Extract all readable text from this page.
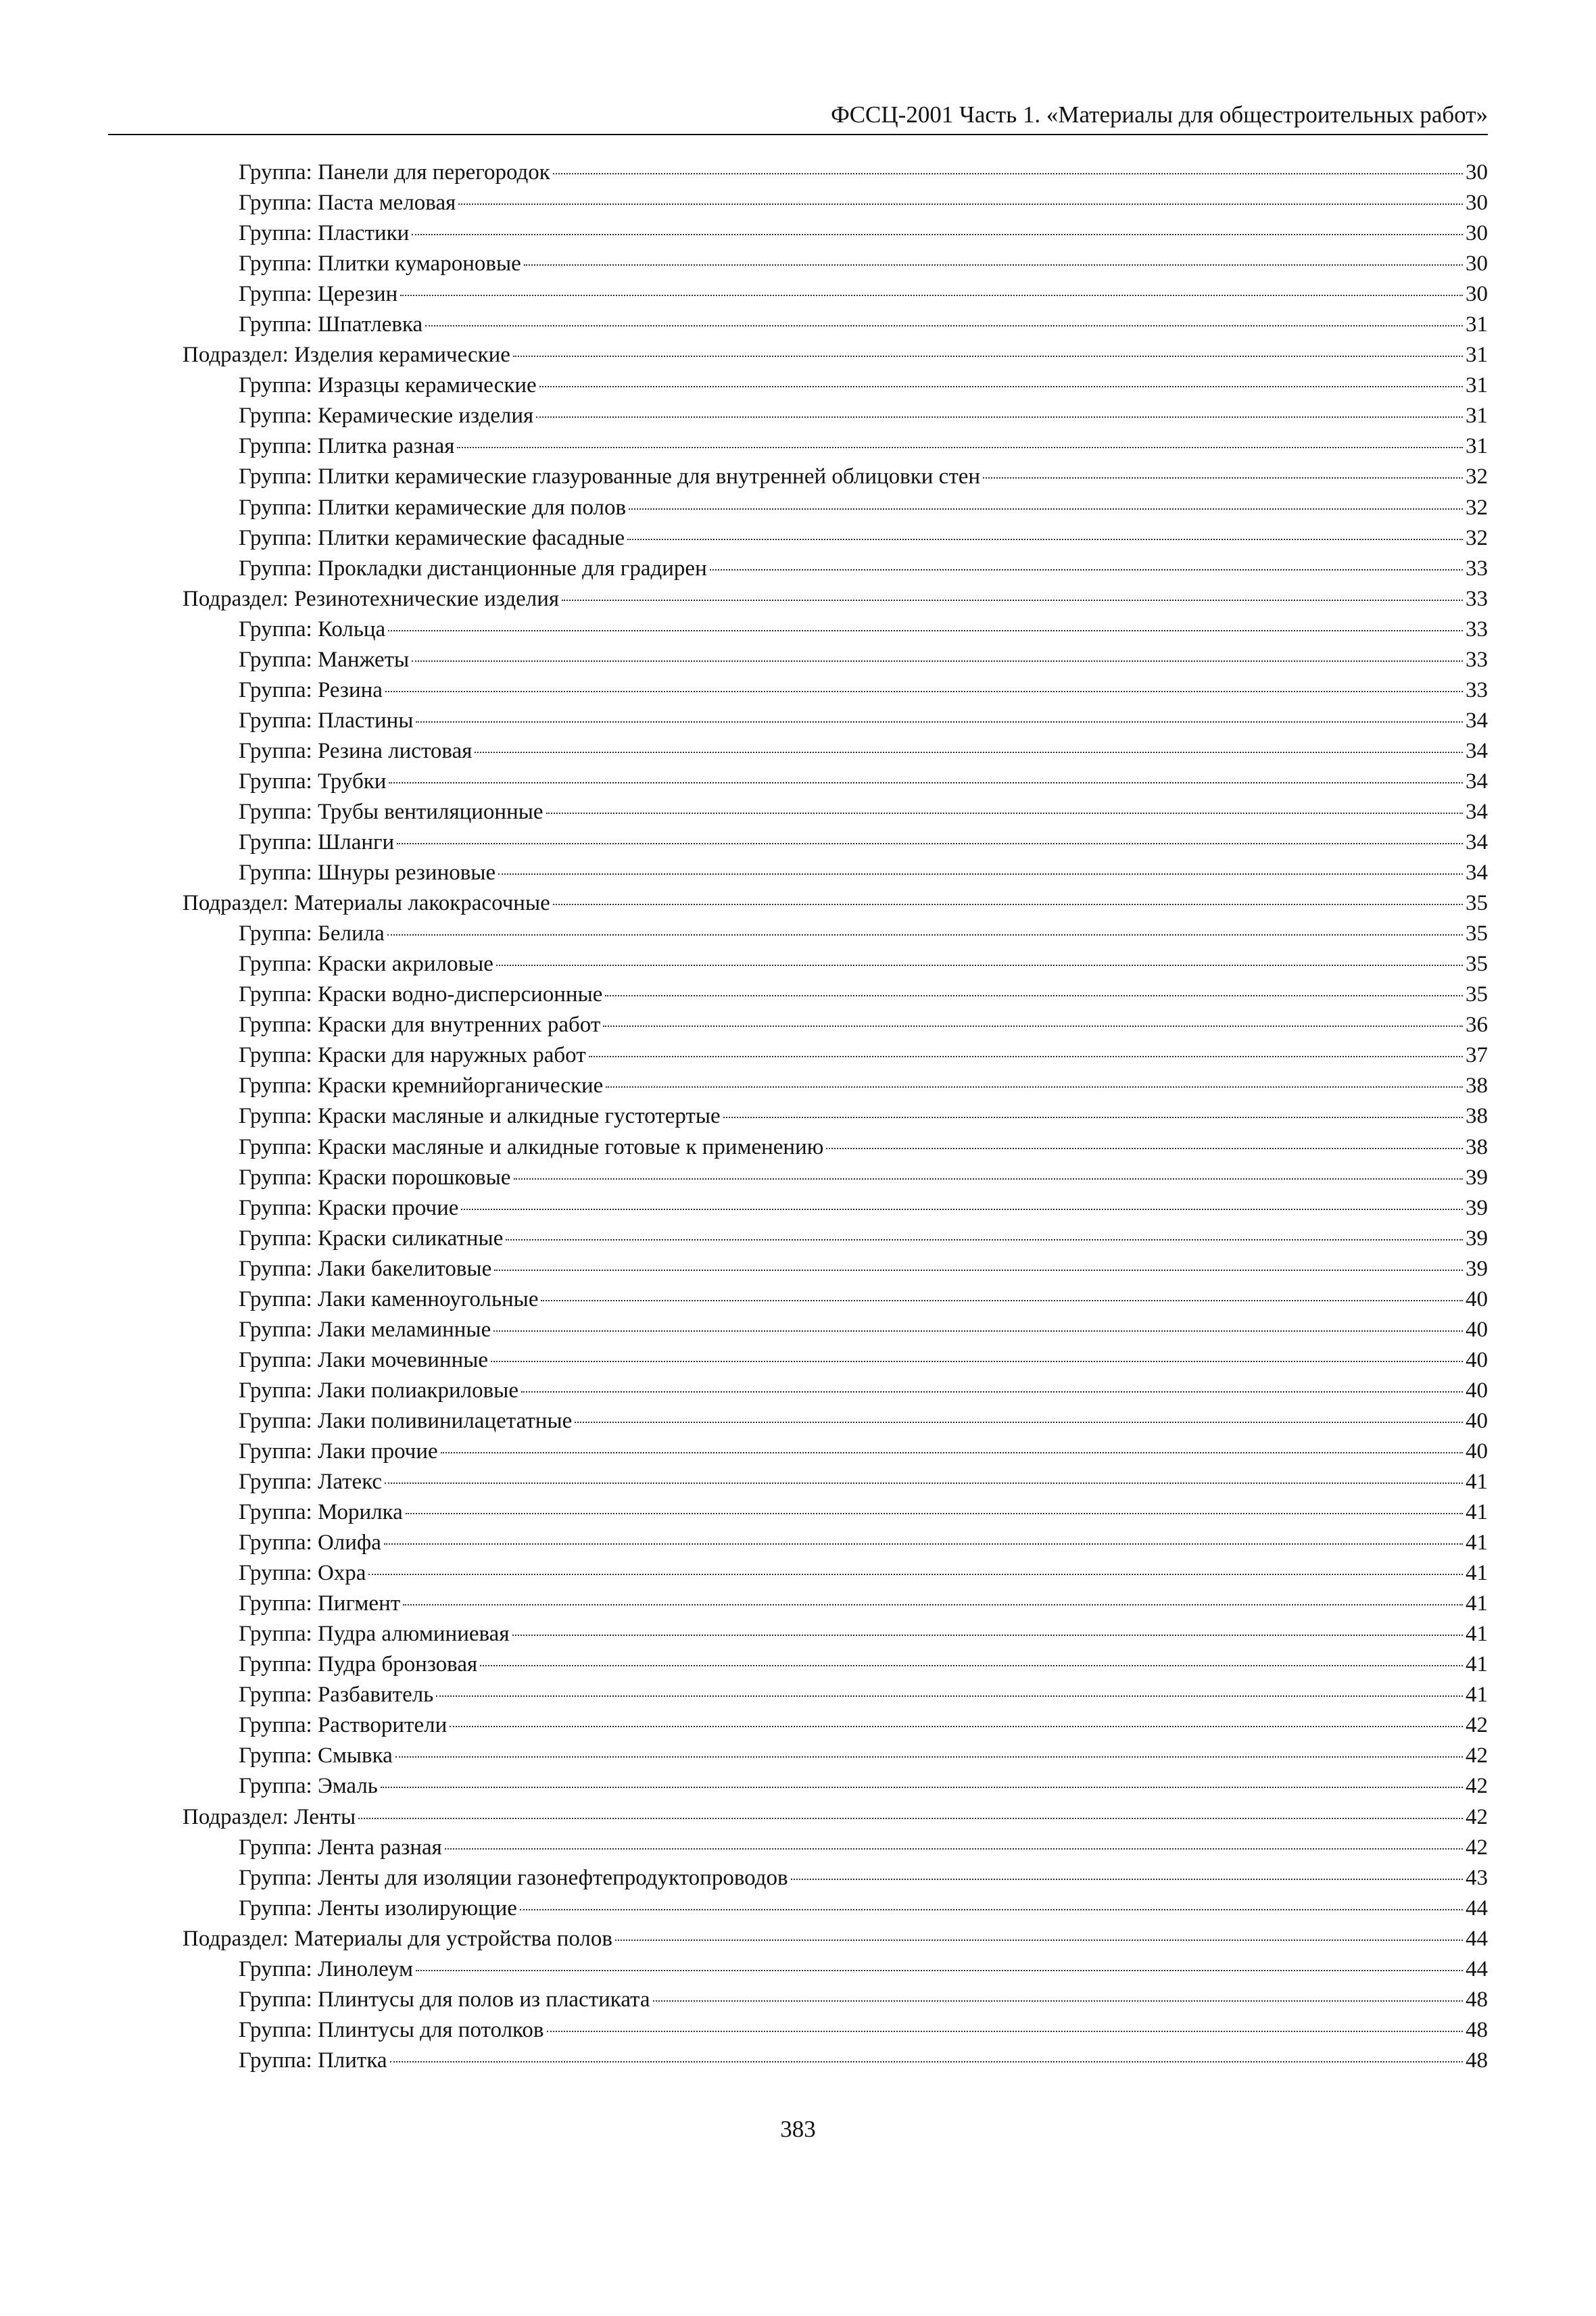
ФССЦ-2001 Часть 1. «Материалы для общестроительных работ»
Группа: Панели для перегородок	30
Группа: Паста меловая	30
Группа: Пластики	30
Группа: Плитки кумароновые	30
Группа: Церезин	30
Группа: Шпатлевка	31
Подраздел: Изделия керамические	31
Группа: Изразцы керамические	31
Группа: Керамические изделия	31
Группа: Плитка разная	31
Группа: Плитки керамические глазурованные для внутренней облицовки стен	32
Группа: Плитки керамические для полов	32
Группа: Плитки керамические фасадные	32
Группа: Прокладки дистанционные для градирен	33
Подраздел: Резинотехнические изделия	33
Группа: Кольца	33
Группа: Манжеты	33
Группа: Резина	33
Группа: Пластины	34
Группа: Резина листовая	34
Группа: Трубки	34
Группа: Трубы вентиляционные	34
Группа: Шланги	34
Группа: Шнуры резиновые	34
Подраздел: Материалы лакокрасочные	35
Группа: Белила	35
Группа: Краски акриловые	35
Группа: Краски водно-дисперсионные	35
Группа: Краски для внутренних работ	36
Группа: Краски для наружных работ	37
Группа: Краски кремнийорганические	38
Группа: Краски масляные и алкидные густотертые	38
Группа: Краски масляные и алкидные готовые к применению	38
Группа: Краски порошковые	39
Группа: Краски прочие	39
Группа: Краски силикатные	39
Группа: Лаки бакелитовые	39
Группа: Лаки каменноугольные	40
Группа: Лаки меламинные	40
Группа: Лаки мочевинные	40
Группа: Лаки полиакриловые	40
Группа: Лаки поливинилацетатные	40
Группа: Лаки прочие	40
Группа: Латекс	41
Группа: Морилка	41
Группа: Олифа	41
Группа: Охра	41
Группа: Пигмент	41
Группа: Пудра алюминиевая	41
Группа: Пудра бронзовая	41
Группа: Разбавитель	41
Группа: Растворители	42
Группа: Смывка	42
Группа: Эмаль	42
Подраздел: Ленты	42
Группа: Лента разная	42
Группа: Ленты для изоляции газонефтепродуктопроводов	43
Группа: Ленты изолирующие	44
Подраздел: Материалы для устройства полов	44
Группа: Линолеум	44
Группа: Плинтусы для полов из пластиката	48
Группа: Плинтусы для потолков	48
Группа: Плитка	48
383
